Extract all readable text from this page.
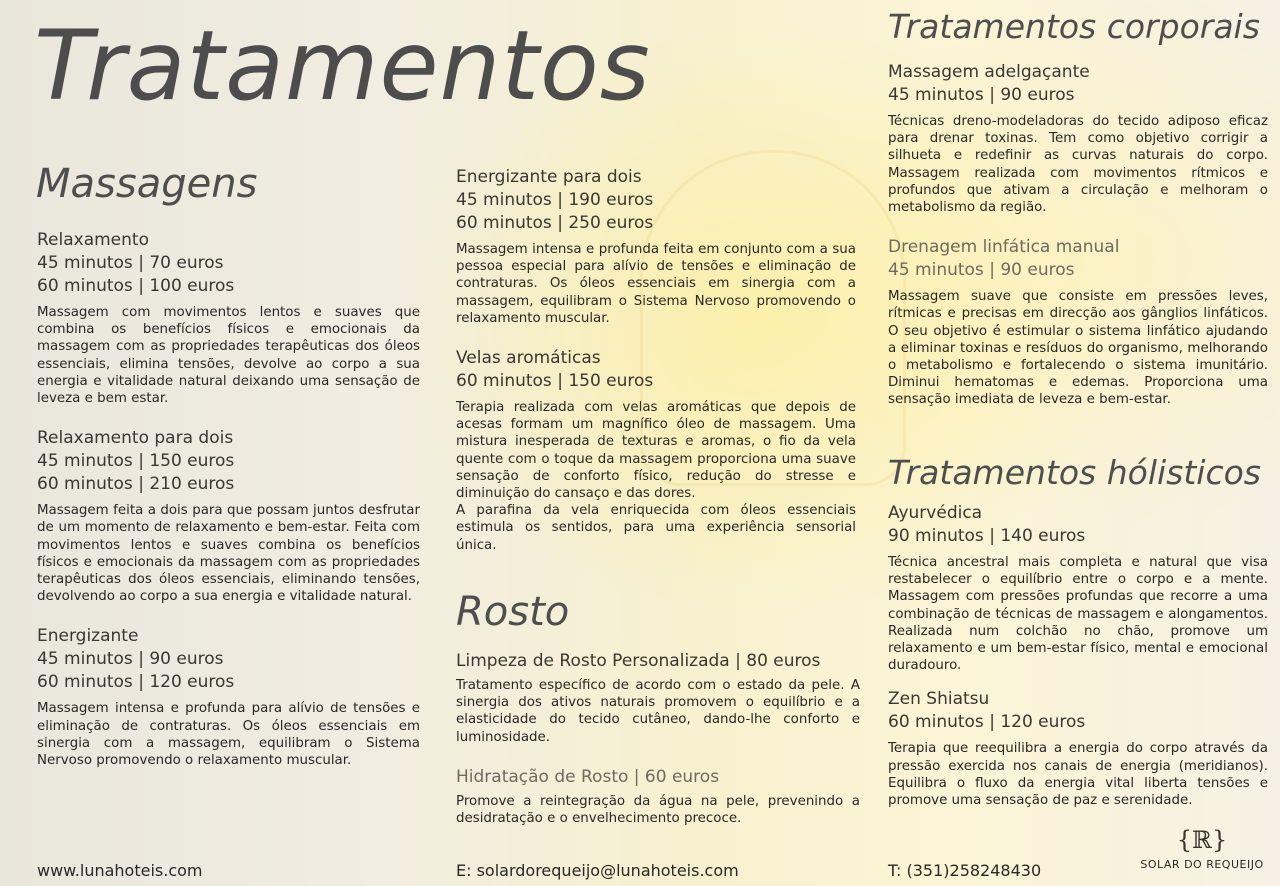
Tratamentos
Massagens
Relaxamento
45 minutos | 70 euros
60 minutos | 100 euros

Massagem com movimentos lentos e suaves que combina os benefícios físicos e emocionais da massagem com as propriedades terapêuticas dos óleos essenciais, elimina tensões, devolve ao corpo a sua energia e vitalidade natural deixando uma sensação de leveza e bem estar.

Relaxamento para dois
45 minutos | 150 euros
60 minutos | 210 euros

Massagem feita a dois para que possam juntos desfrutar de um momento de relaxamento e bem-estar. Feita com movimentos lentos e suaves combina os benefícios físicos e emocionais da massagem com as propriedades terapêuticas dos óleos essenciais, eliminando tensões, devolvendo ao corpo a sua energia e vitalidade natural.

Energizante
45 minutos | 90 euros
60 minutos | 120 euros

Massagem intensa e profunda para alívio de tensões e eliminação de contraturas. Os óleos essenciais em sinergia com a massagem, equilibram o Sistema Nervoso promovendo o relaxamento muscular.

Energizante para dois
45 minutos | 190 euros
60 minutos | 250 euros

Massagem intensa e profunda feita em conjunto com a sua pessoa especial para alívio de tensões e eliminação de contraturas. Os óleos essenciais em sinergia com a massagem, equilibram o Sistema Nervoso promovendo o relaxamento muscular.

Velas aromáticas
60 minutos | 150 euros

Terapia realizada com velas aromáticas que depois de acesas formam um magnífico óleo de massagem. Uma mistura inesperada de texturas e aromas, o fio da vela quente com o toque da massagem proporciona uma suave sensação de conforto físico, redução do stresse e diminuição do cansaço e das dores.

A parafina da vela enriquecida com óleos essenciais estimula os sentidos, para uma experiência sensorial única.

Rosto
Limpeza de Rosto Personalizada | 80 euros

Tratamento específico de acordo com o estado da pele. A sinergia dos ativos naturais promovem o equilíbrio e a elasticidade do tecido cutâneo, dando-lhe conforto e luminosidade.

Hidratação de Rosto | 60 euros

Promove a reintegração da água na pele, prevenindo a desidratação e o envelhecimento precoce.

Tratamentos corporais
Massagem adelgaçante
45 minutos | 90 euros

Técnicas dreno-modeladoras do tecido adiposo eficaz para drenar toxinas. Tem como objetivo corrigir a silhueta e redefinir as curvas naturais do corpo. Massagem realizada com movimentos rítmicos e profundos que ativam a circulação e melhoram o metabolismo da região.

Drenagem linfática manual
45 minutos | 90 euros

Massagem suave que consiste em pressões leves, rítmicas e precisas em direcção aos gânglios linfáticos. O seu objetivo é estimular o sistema linfático ajudando a eliminar toxinas e resíduos do organismo, melhorando o metabolismo e fortalecendo o sistema imunitário. Diminui hematomas e edemas. Proporciona uma sensação imediata de leveza e bem-estar.

Tratamentos hólisticos
Ayurvédica
90 minutos | 140 euros

Técnica ancestral mais completa e natural que visa restabelecer o equilíbrio entre o corpo e a mente. Massagem com pressões profundas que recorre a uma combinação de técnicas de massagem e alongamentos. Realizada num colchão no chão, promove um relaxamento e um bem-estar físico, mental e emocional duradouro.

Zen Shiatsu
60 minutos | 120 euros

Terapia que reequilibra a energia do corpo através da pressão exercida nos canais de energia (meridianos). Equilibra o fluxo da energia vital liberta tensões e promove uma sensação de paz e serenidade.

www.lunahoteis.com	E: solardorequeijo@lunahoteis.com	T: (351)258248430
{ℝ}
SOLAR DO REQUEIJO
